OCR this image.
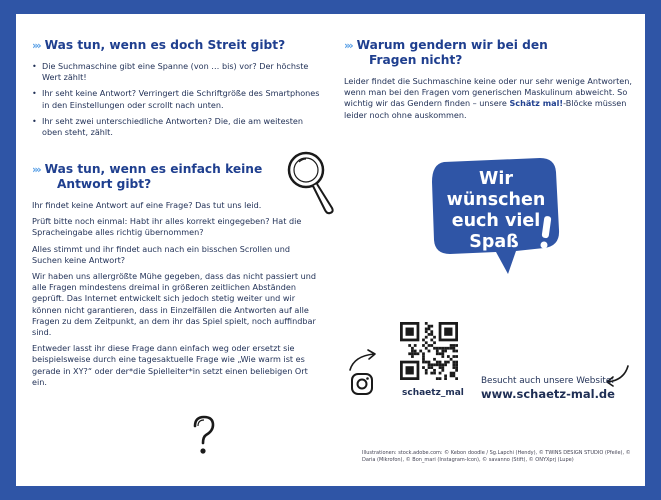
››› Was tun, wenn es doch Streit gibt?
• Die Suchmaschine gibt eine Spanne (von … bis) vor? Der höchste Wert zählt!
• Ihr seht keine Antwort? Verringert die Schriftgröße des Smartphones in den Einstellungen oder scrollt nach unten.
• Ihr seht zwei unterschiedliche Antworten? Die, die am weitesten oben steht, zählt.
››› Was tun, wenn es einfach keine
Antwort gibt?

Ihr findet keine Antwort auf eine Frage? Das tut uns leid.

Prüft bitte noch einmal: Habt ihr alles korrekt eingegeben? Hat die Spracheingabe alles richtig übernommen?

Alles stimmt und ihr findet auch nach ein bisschen Scrollen und Suchen keine Antwort?

Wir haben uns allergrößte Mühe gegeben, dass das nicht passiert und alle Fragen mindestens dreimal in größeren zeitlichen Abständen geprüft. Das Internet entwickelt sich jedoch stetig weiter und wir können nicht garantieren, dass in Einzelfällen die Antworten auf alle Fragen zu dem Zeitpunkt, an dem ihr das Spiel spielt, noch auffindbar sind.

Entweder lasst ihr diese Frage dann einfach weg oder ersetzt sie beispielsweise durch eine tagesaktuelle Frage wie „Wie warm ist es gerade in XY?“ oder der*die Spielleiter*in setzt einen beliebigen Ort ein.

››› Warum gendern wir bei den
Fragen nicht?

Leider findet die Suchmaschine keine oder nur sehr wenige Antworten, wenn man bei den Fragen vom generischen Maskulinum abweicht. So wichtig wir das Gendern finden – unsere Schätz mal!-Blöcke müssen leider noch ohne auskommen.

Wir
wünschen
euch viel
Spaß
schaetz_mal
Besucht auch unsere Website:
www.schaetz-mal.de
Illustrationen: stock.adobe.com: © Kebon doodle / Sg.Lapchi (Hendy), © TWINS DESIGN STUDIO (Pfeile), © Daria (Mikrofon), © Bon_mari (Instagram-Icon), © savanno (Stift), © ONYXprj (Lupe)
